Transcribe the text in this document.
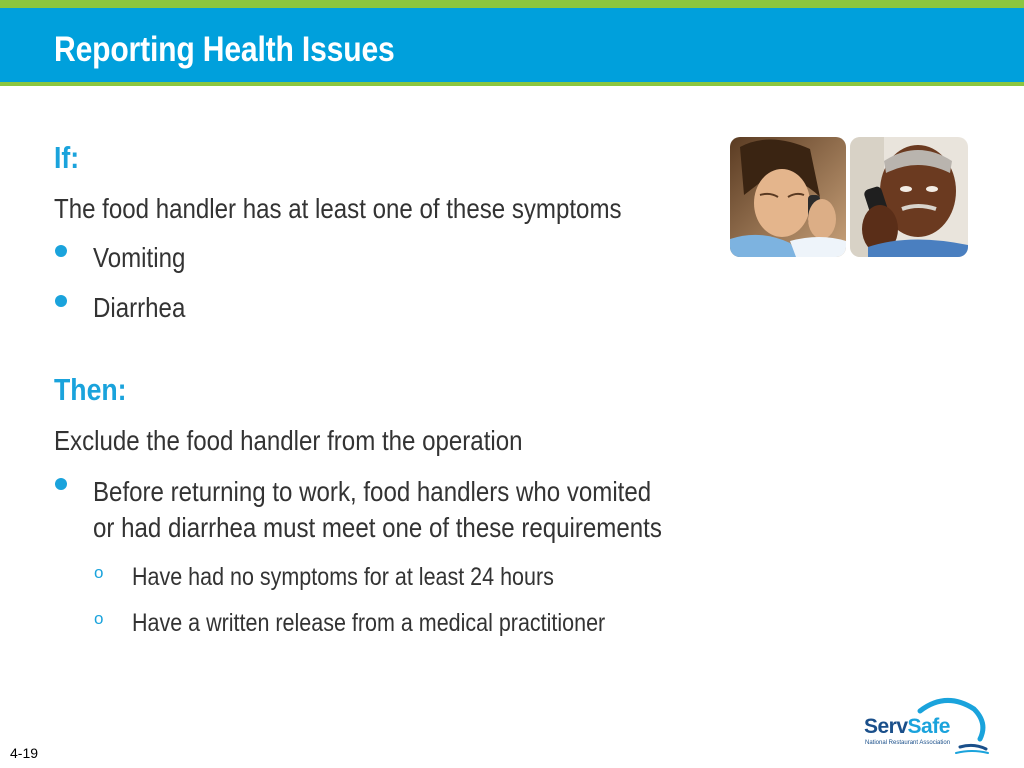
Reporting Health Issues
If:
The food handler has at least one of these symptoms
Vomiting
Diarrhea
Then:
Exclude the food handler from the operation
Before returning to work, food handlers who vomited
or had diarrhea must meet one of these requirements
o Have had no symptoms for at least 24 hours
o Have a written release from a medical practitioner
4-19
ServSafe
National Restaurant Association
